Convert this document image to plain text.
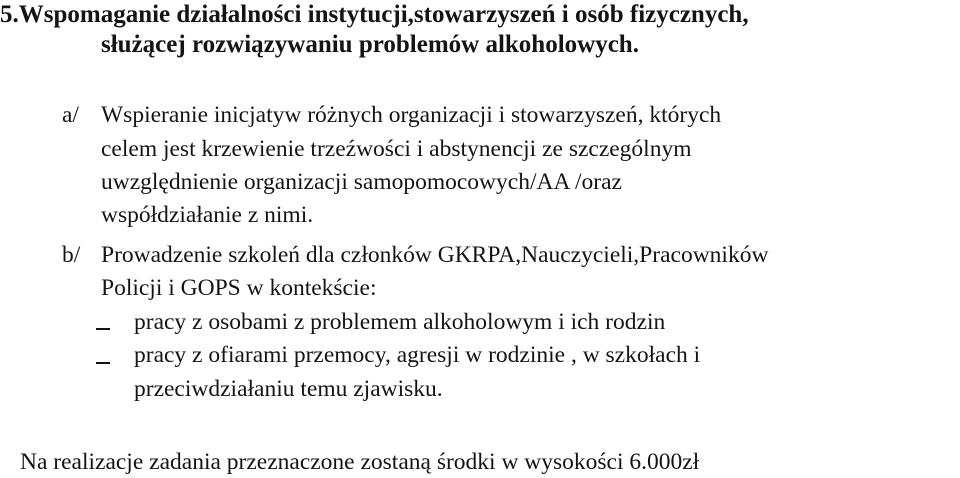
5.Wspomaganie działalności instytucji,stowarzyszeń i osób fizycznych,
służącej rozwiązywaniu problemów alkoholowych.
a/ Wspieranie inicjatyw różnych organizacji i stowarzyszeń, których
celem jest krzewienie trzeźwości i abstynencji ze szczególnym
uwzględnienie organizacji samopomocowych/AA /oraz
współdziałanie z nimi.
b/ Prowadzenie szkoleń dla członków GKRPA,Nauczycieli,Pracowników
Policji i GOPS w kontekście:
pracy z osobami z problemem alkoholowym i ich rodzin
pracy z ofiarami przemocy, agresji w rodzinie , w szkołach i
przeciwdziałaniu temu zjawisku.
Na realizacje zadania przeznaczone zostaną środki w wysokości 6.000zł
